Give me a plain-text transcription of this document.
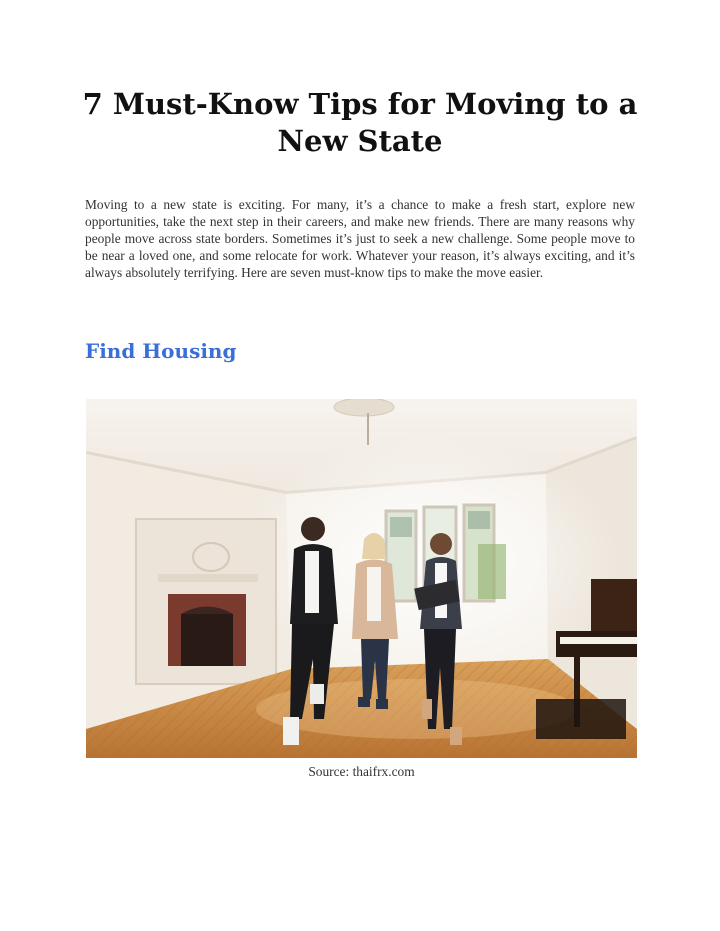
7 Must-Know Tips for Moving to a New State

Moving to a new state is exciting. For many, it’s a chance to make a fresh start, explore new opportunities, take the next step in their careers, and make new friends. There are many reasons why people move across state borders. Sometimes it’s just to seek a new challenge. Some people move to be near a loved one, and some relocate for work. Whatever your reason, it’s always exciting, and it’s always absolutely terrifying. Here are seven must-know tips to make the move easier.

Find Housing

Source: thaifrx.com
